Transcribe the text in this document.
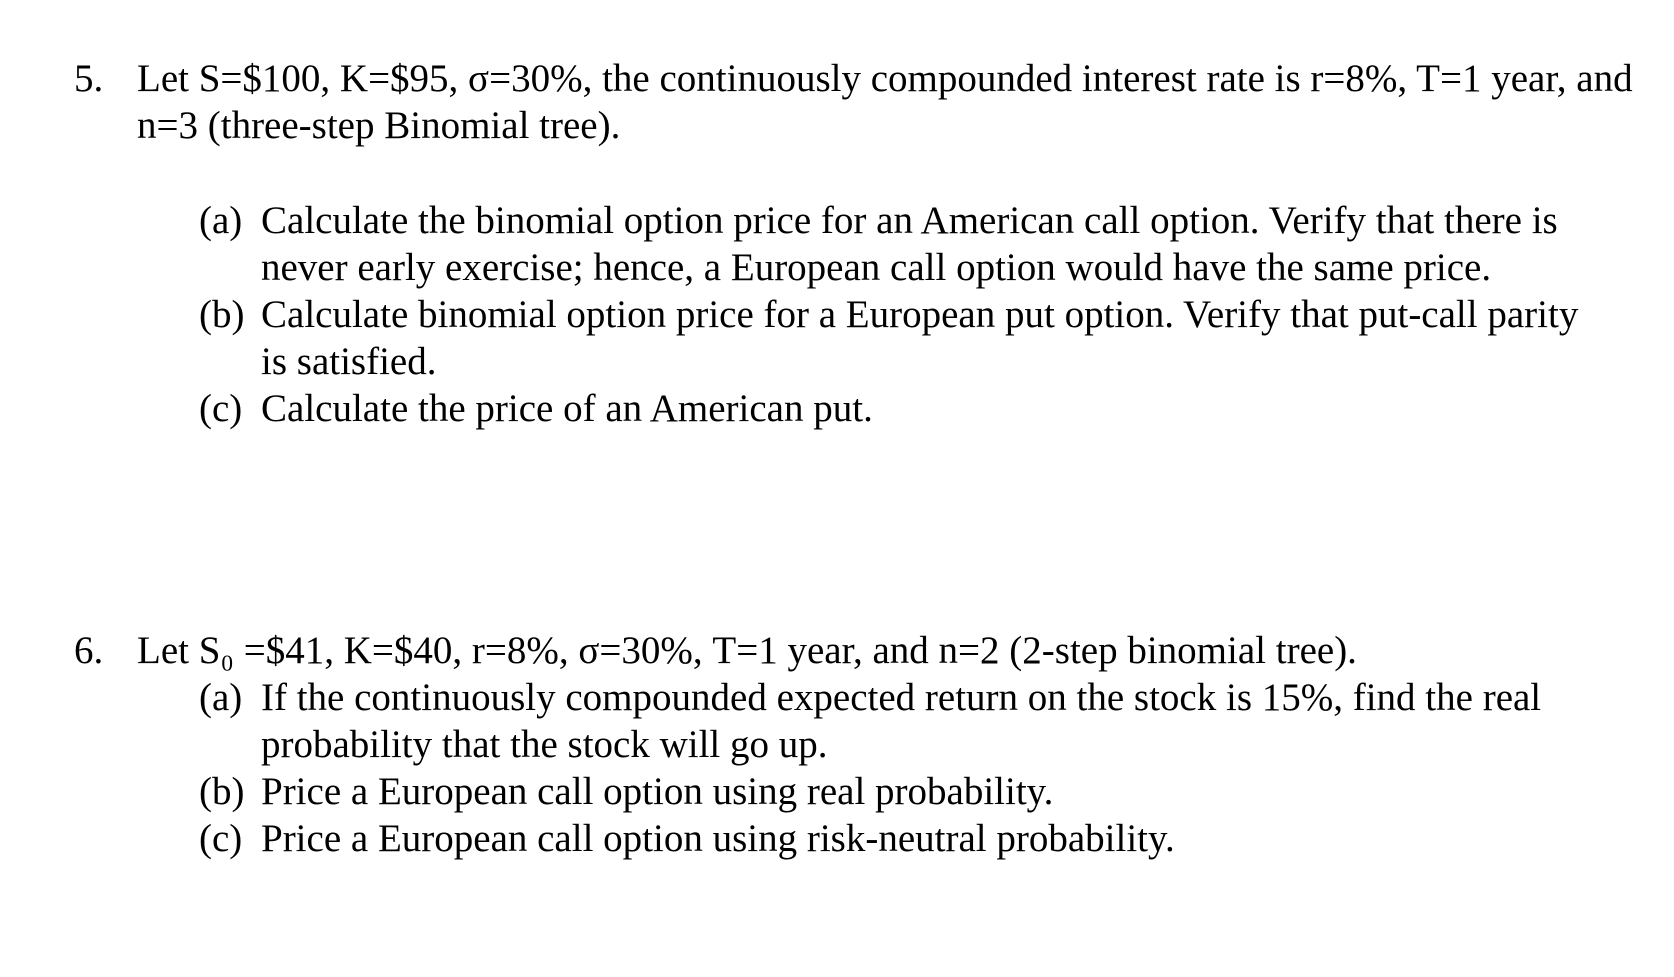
5. Let S=$100, K=$95, σ=30%, the continuously compounded interest rate is r=8%, T=1 year, and n=3 (three-step Binomial tree).
(a) Calculate the binomial option price for an American call option. Verify that there is never early exercise; hence, a European call option would have the same price.
(b) Calculate binomial option price for a European put option. Verify that put-call parity is satisfied.
(c) Calculate the price of an American put.
6. Let S₀ =$41, K=$40, r=8%, σ=30%, T=1 year, and n=2 (2-step binomial tree).
(a) If the continuously compounded expected return on the stock is 15%, find the real probability that the stock will go up.
(b) Price a European call option using real probability.
(c) Price a European call option using risk-neutral probability.
